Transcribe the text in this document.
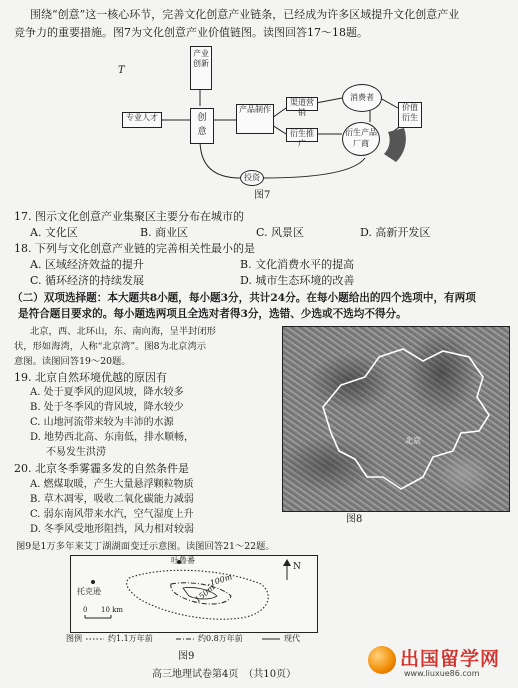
围绕“创意”这一核心环节，完善文化创意产业链条，已经成为许多区域提升文化创意产业
竞争力的重要措施。图7为文化创意产业价值链图。读图回答17～18题。
T
专业人才
产业创新
创
意
产品制作
渠道营销
衍生推广
消费者
衍生产品厂商
价值衍生
投资
图7
17. 图示文化创意产业集聚区主要分布在城市的
A. 文化区	B. 商业区	C. 风景区	D. 高新开发区
18. 下列与文化创意产业链的完善相关性最小的是
A. 区域经济效益的提升	B. 文化消费水平的提高
C. 循环经济的持续发展	D. 城市生态环境的改善
（二）双项选择题：本大题共8小题，每小题3分，共计24分。在每小题给出的四个选项中，有两项
是符合题目要求的。每小题选两项且全选对者得3分，选错、少选或不选均不得分。
北京，西、北环山，东、南向海，呈半封闭形
状，形如海湾，人称“北京湾”。图8为北京湾示
意图。读图回答19～20题。
19. 北京自然环境优越的原因有
A. 处于夏季风的迎风坡，降水较多
B. 处于冬季风的背风坡，降水较少
C. 山地河流带来较为丰沛的水源
D. 地势西北高、东南低，排水顺畅，
不易发生洪涝
20. 北京冬季雾霾多发的自然条件是
A. 燃煤取暖，产生大量悬浮颗粒物质
B. 草木凋零，吸收二氧化碳能力减弱
C. 弱东南风带来水汽，空气湿度上升
D. 冬季风受地形阻挡，风力相对较弱
北京
图8
图9是1万多年来艾丁湖湖面变迁示意图。读图回答21～22题。
吐鲁番
托克逊
-100m
-150m
N
0 10 km
图例	约1.1万年前	约0.8万年前	现代
图9
高三地理试卷第4页　（共10页）
出国留学网
www.liuxue86.com
